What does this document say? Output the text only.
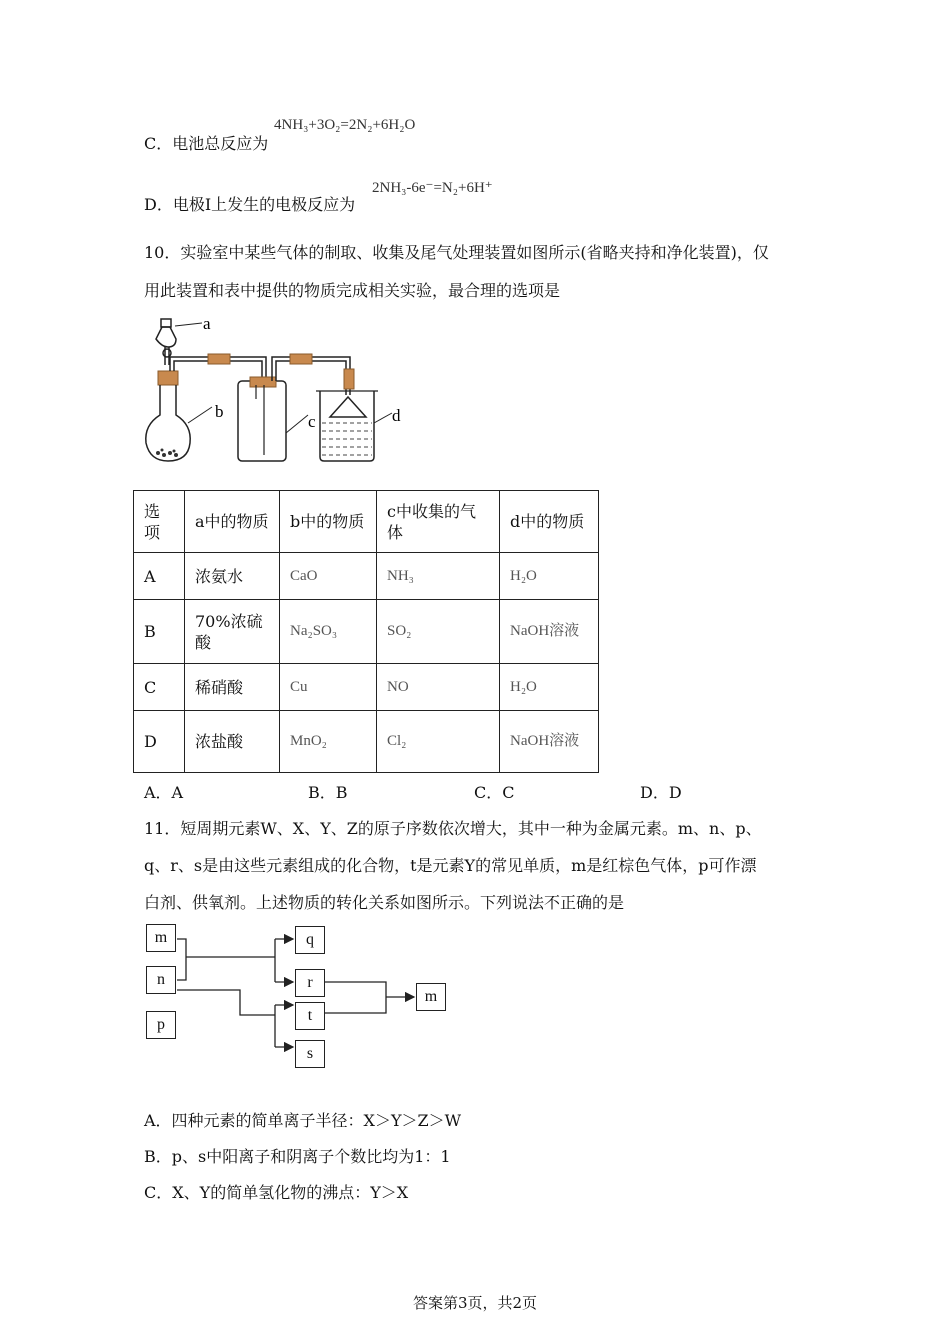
C．电池总反应为
4NH₃+3O₂=2N₂+6H₂O
D．电极Ⅰ上发生的电极反应为
2NH₃-6e⁻=N₂+6H⁺
10．实验室中某些气体的制取、收集及尾气处理装置如图所示(省略夹持和净化装置)，仅
用此装置和表中提供的物质完成相关实验，最合理的选项是
a
b
c	d
选项	a中的物质	b中的物质	c中收集的气体	d中的物质
A	浓氨水	CaO	NH₃	H₂O
B	70%浓硫酸	Na₂SO₃	SO₂	NaOH溶液
C	稀硝酸	Cu	NO	H₂O
D	浓盐酸	MnO₂	Cl₂	NaOH溶液
A．A	B．B	C．C	D．D
11．短周期元素W、X、Y、Z的原子序数依次增大，其中一种为金属元素。m、n、p、
q、r、s是由这些元素组成的化合物，t是元素Y的常见单质，m是红棕色气体，p可作漂
白剂、供氧剂。上述物质的转化关系如图所示。下列说法不正确的是
m
n
p
q
r
t
s
m
A．四种元素的简单离子半径：X＞Y＞Z＞W
B．p、s中阳离子和阴离子个数比均为1：1
C．X、Y的简单氢化物的沸点：Y＞X
答案第3页，共2页
